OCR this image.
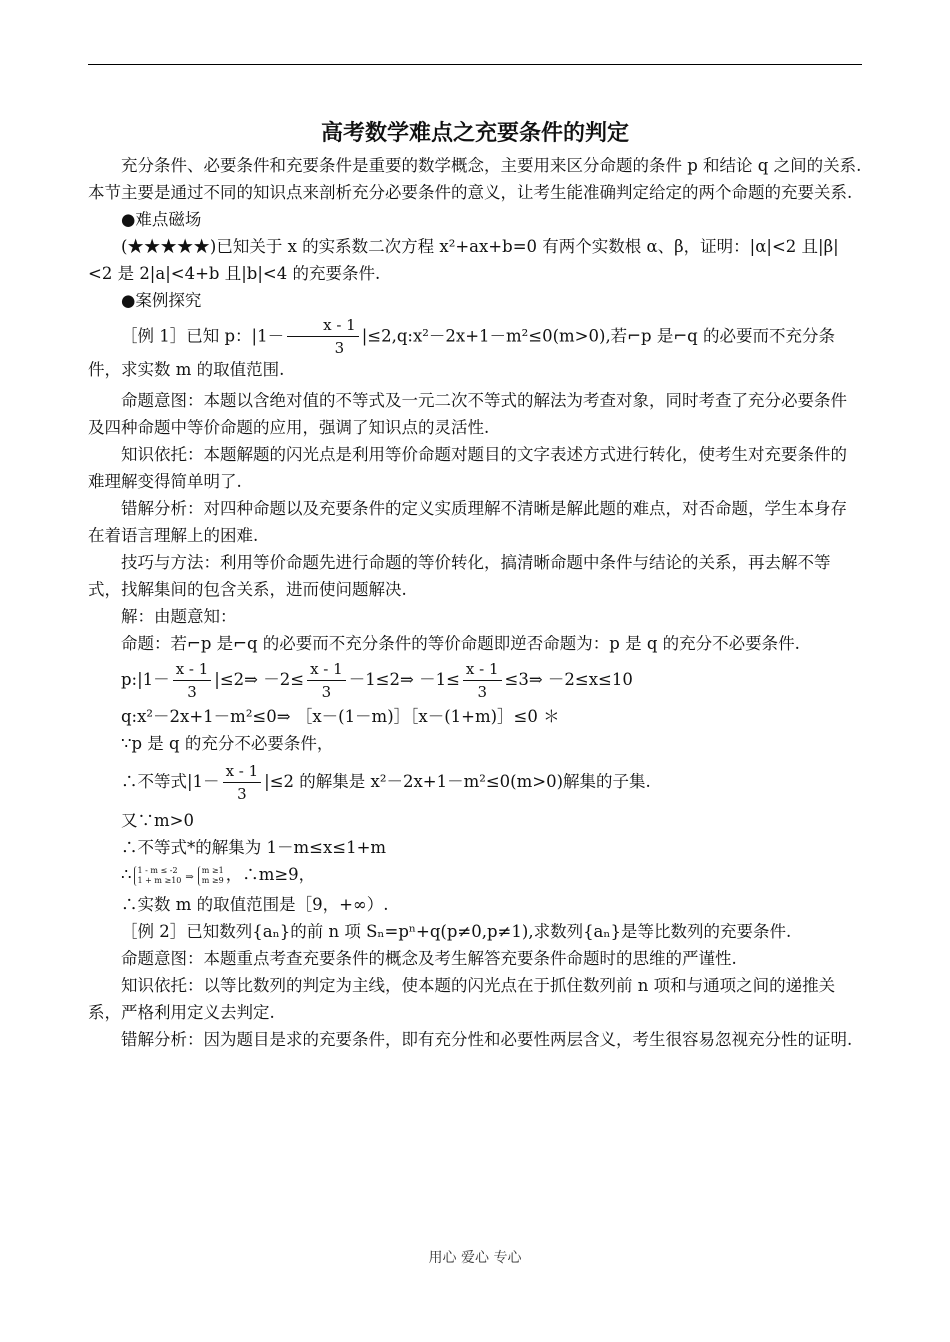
高考数学难点之充要条件的判定

充分条件、必要条件和充要条件是重要的数学概念，主要用来区分命题的条件 p 和结论 q 之间的关系.本节主要是通过不同的知识点来剖析充分必要条件的意义，让考生能准确判定给定的两个命题的充要关系.

●难点磁场

(★★★★★)已知关于 x 的实系数二次方程 x²+ax+b=0 有两个实数根 α、β，证明：|α|<2 且|β|<2 是 2|a|<4+b 且|b|<4 的充要条件.

●案例探究

［例 1］已知 p：$|1- \frac{x - 1}{3}$ |≤2,q:x²－2x+1－m²≤0(m>0),若⌐p 是⌐q 的必要而不充分条件，求实数 m 的取值范围.

命题意图：本题以含绝对值的不等式及一元二次不等式的解法为考查对象，同时考查了充分必要条件及四种命题中等价命题的应用，强调了知识点的灵活性.

知识依托：本题解题的闪光点是利用等价命题对题目的文字表述方式进行转化，使考生对充要条件的难理解变得简单明了.

错解分析：对四种命题以及充要条件的定义实质理解不清晰是解此题的难点，对否命题，学生本身存在着语言理解上的困难.

技巧与方法：利用等价命题先进行命题的等价转化，搞清晰命题中条件与结论的关系，再去解不等式，找解集间的包含关系，进而使问题解决.

解：由题意知：

命题：若⌐p 是⌐q 的必要而不充分条件的等价命题即逆否命题为：p 是 q 的充分不必要条件.

p:|1－ $\frac{x - 1}{3}$ |≤2⇒ $-2\le \frac{x - 1}{3}$ －1≤2⇒ $-1\le \frac{x - 1}{3}$ ≤3⇒ －2≤x≤10

q:x²－2x+1－m²≤0⇒ ［x－(1－m)］［x－(1+m)］≤0 ＊

∵p 是 q 的充分不必要条件，

∴不等式$|1- \frac{x - 1}{3} |\le 2$ 的解集是 x²－2x+1－m²≤0(m>0)解集的子集.

又∵m>0

∴不等式*的解集为 1－m≤x≤1+m

∴ 1 - m ≤ -2
1 + m ≥10 ⇒
m ≥1
m ≥9 ，∴m≥9，

∴实数 m 的取值范围是［9，+∞）.

［例 2］已知数列{aₙ}的前 n 项 Sₙ=pⁿ+q(p≠0,p≠1),求数列{aₙ}是等比数列的充要条件.

命题意图：本题重点考查充要条件的概念及考生解答充要条件命题时的思维的严谨性.

知识依托：以等比数列的判定为主线，使本题的闪光点在于抓住数列前 n 项和与通项之间的递推关系，严格利用定义去判定.

错解分析：因为题目是求的充要条件，即有充分性和必要性两层含义，考生很容易忽视充分性的证明.

用心 爱心 专心
